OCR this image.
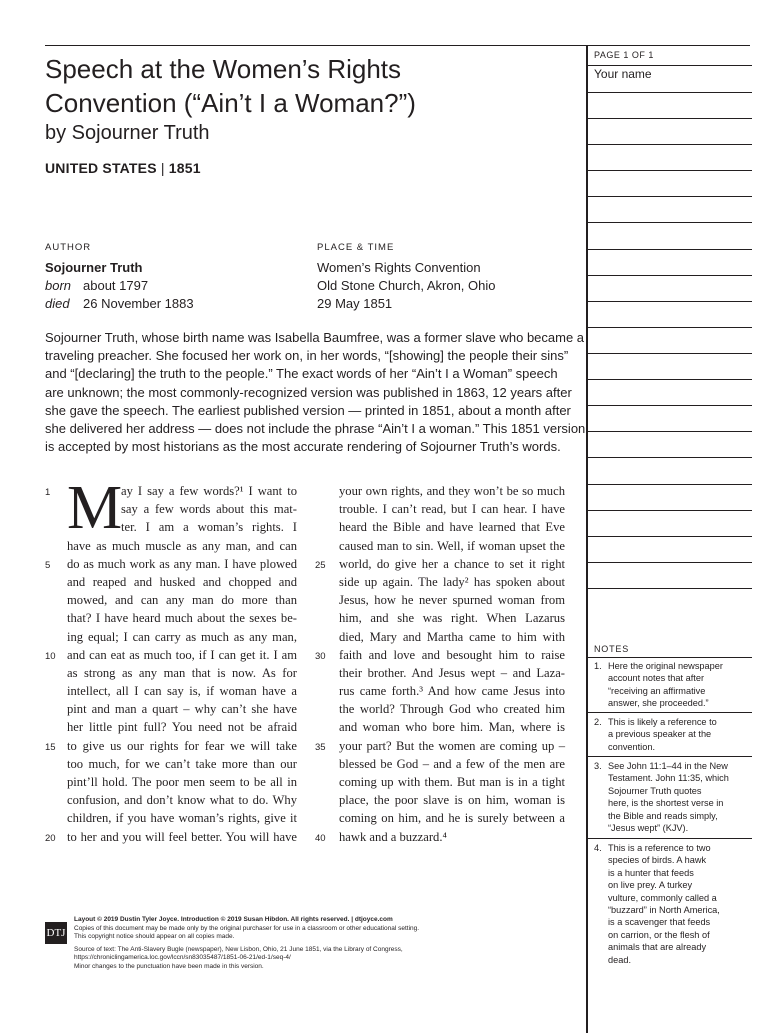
Speech at the Women’s Rights
Convention (“Ain’t I a Woman?”)
by Sojourner Truth
UNITED STATES | 1851
AUTHOR
Sojourner Truth
born about 1797
died 26 November 1883
PLACE & TIME
Women’s Rights Convention
Old Stone Church, Akron, Ohio
29 May 1851
Sojourner Truth, whose birth name was Isabella Baumfree, was a former slave who became a
traveling preacher. She focused her work on, in her words, “[showing] the people their sins”
and “[declaring] the truth to the people.” The exact words of her “Ain’t I a Woman” speech
are unknown; the most commonly-recognized version was published in 1863, 12 years after
she gave the speech. The earliest published version — printed in 1851, about a month after
she delivered her address — does not include the phrase “Ain’t I a woman.” This 1851 version
is accepted by most historians as the most accurate rendering of Sojourner Truth’s words.
1
5
10
15
20
M
ay I say a few words?¹ I want to
say a few words about this mat-
ter. I am a woman’s rights. I
have as much muscle as any man, and can
do as much work as any man. I have plowed
and reaped and husked and chopped and
mowed, and can any man do more than
that? I have heard much about the sexes be-
ing equal; I can carry as much as any man,
and can eat as much too, if I can get it. I am
as strong as any man that is now. As for
intellect, all I can say is, if woman have a
pint and man a quart – why can’t she have
her little pint full? You need not be afraid
to give us our rights for fear we will take
too much, for we can’t take more than our
pint’ll hold. The poor men seem to be all in
confusion, and don’t know what to do. Why
children, if you have woman’s rights, give it
to her and you will feel better. You will have
25
30
35
40
your own rights, and they won’t be so much
trouble. I can’t read, but I can hear. I have
heard the Bible and have learned that Eve
caused man to sin. Well, if woman upset the
world, do give her a chance to set it right
side up again. The lady² has spoken about
Jesus, how he never spurned woman from
him, and she was right. When Lazarus
died, Mary and Martha came to him with
faith and love and besought him to raise
their brother. And Jesus wept – and Laza-
rus came forth.³ And how came Jesus into
the world? Through God who created him
and woman who bore him. Man, where is
your part? But the women are coming up –
blessed be God – and a few of the men are
coming up with them. But man is in a tight
place, the poor slave is on him, woman is
coming on him, and he is surely between a
hawk and a buzzard.⁴
PAGE 1 OF 1
Your name
NOTES
1. Here the original newspaper
account notes that after
“receiving an affirmative
answer, she proceeded.”
2. This is likely a reference to
a previous speaker at the
convention.
3. See John 11:1–44 in the New
Testament. John 11:35, which
Sojourner Truth quotes
here, is the shortest verse in
the Bible and reads simply,
“Jesus wept” (KJV).
4. This is a reference to two
species of birds. A hawk
is a hunter that feeds
on live prey. A turkey
vulture, commonly called a
“buzzard” in North America,
is a scavenger that feeds
on carrion, or the flesh of
animals that are already
dead.
DTJ
Layout © 2019 Dustin Tyler Joyce. Introduction © 2019 Susan Hibdon. All rights reserved. | dtjoyce.com
Copies of this document may be made only by the original purchaser for use in a classroom or other educational setting.
This copyright notice should appear on all copies made.
Source of text: The Anti-Slavery Bugle (newspaper), New Lisbon, Ohio, 21 June 1851, via the Library of Congress,
https://chroniclingamerica.loc.gov/lccn/sn83035487/1851-06-21/ed-1/seq-4/
Minor changes to the punctuation have been made in this version.
